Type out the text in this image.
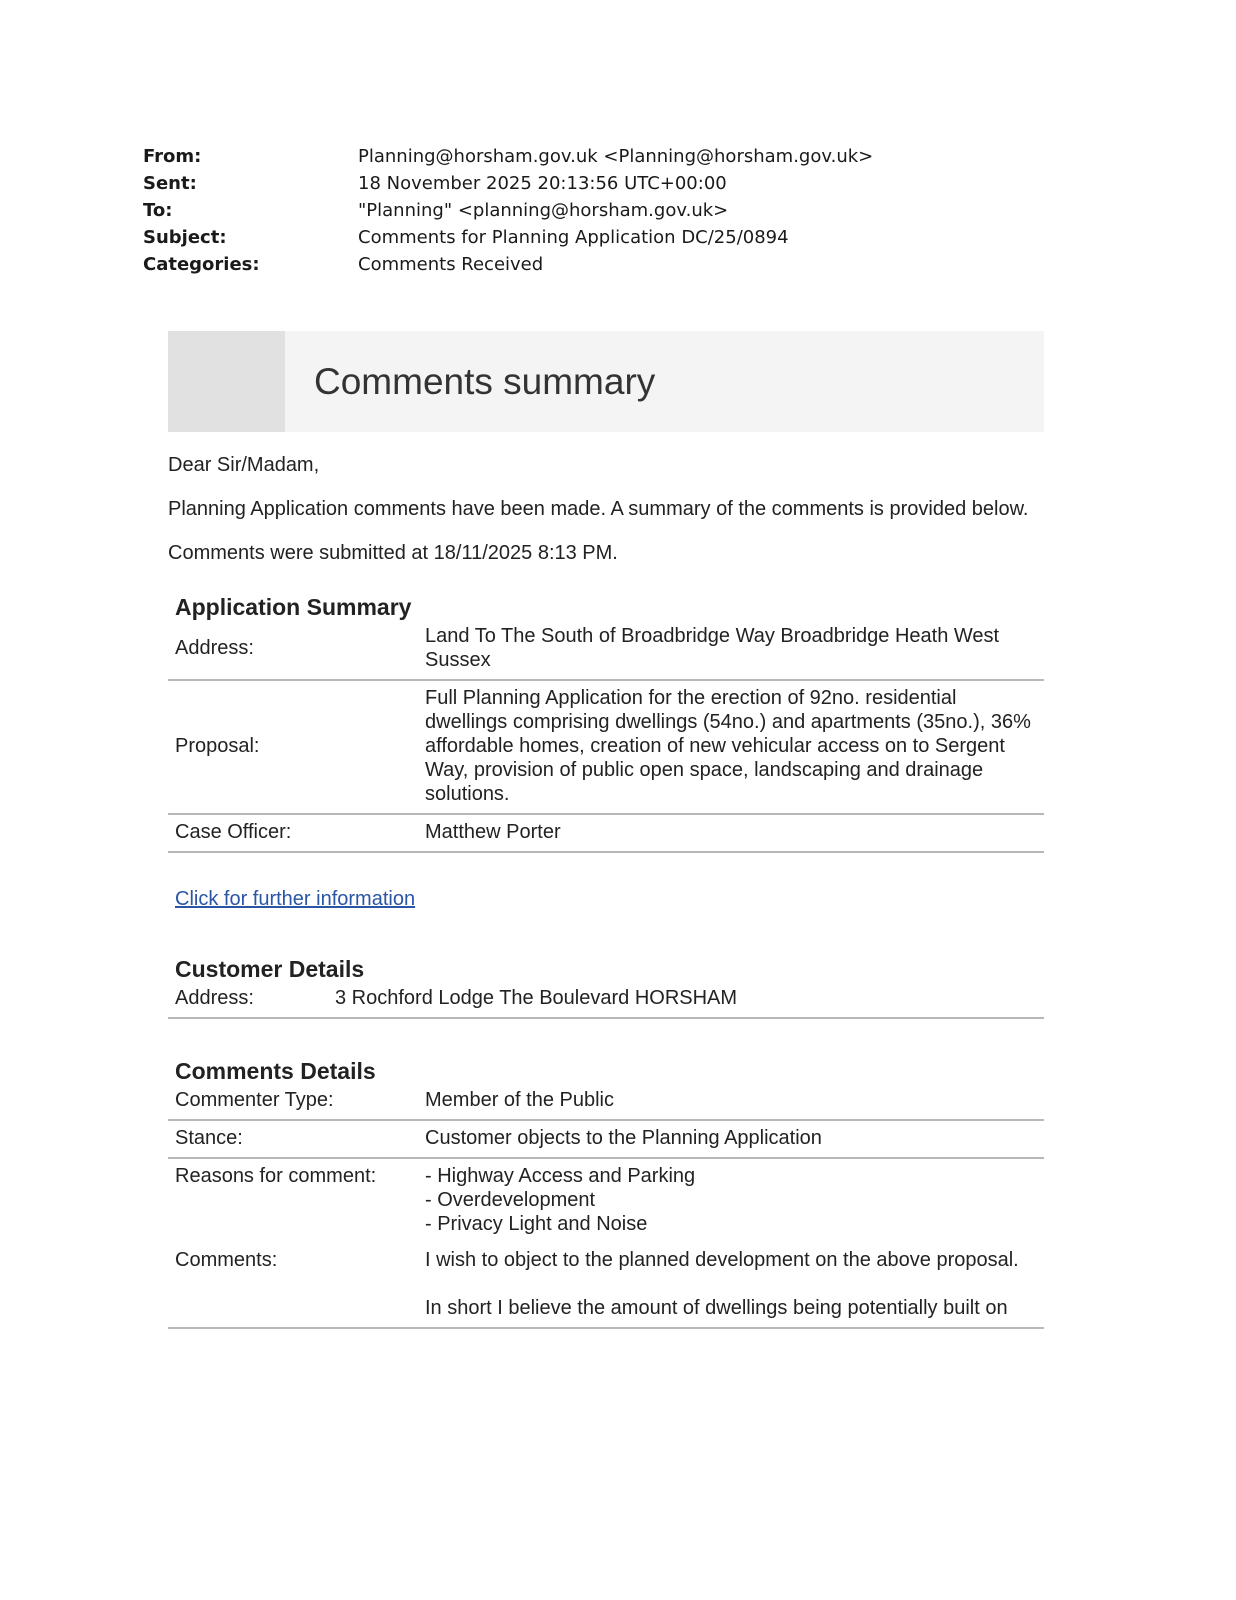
From:	Planning@horsham.gov.uk <Planning@horsham.gov.uk>
Sent:	18 November 2025 20:13:56 UTC+00:00
To:	"Planning" <planning@horsham.gov.uk>
Subject:	Comments for Planning Application DC/25/0894
Categories:	Comments Received
Comments summary

Dear Sir/Madam,

Planning Application comments have been made. A summary of the comments is provided below.

Comments were submitted at 18/11/2025 8:13 PM.

Application Summary
Address:	Land To The South of Broadbridge Way Broadbridge Heath West Sussex
Proposal:	Full Planning Application for the erection of 92no. residential dwellings comprising dwellings (54no.) and apartments (35no.), 36% affordable homes, creation of new vehicular access on to Sergent Way, provision of public open space, landscaping and drainage solutions.
Case Officer:	Matthew Porter
Click for further information
Customer Details
Address:	3 Rochford Lodge The Boulevard HORSHAM
Comments Details
Commenter Type:	Member of the Public
Stance:	Customer objects to the Planning Application
Reasons for comment:	- Highway Access and Parking
- Overdevelopment
- Privacy Light and Noise

Comments:	I wish to object to the planned development on the above proposal.
In short I believe the amount of dwellings being potentially built on
